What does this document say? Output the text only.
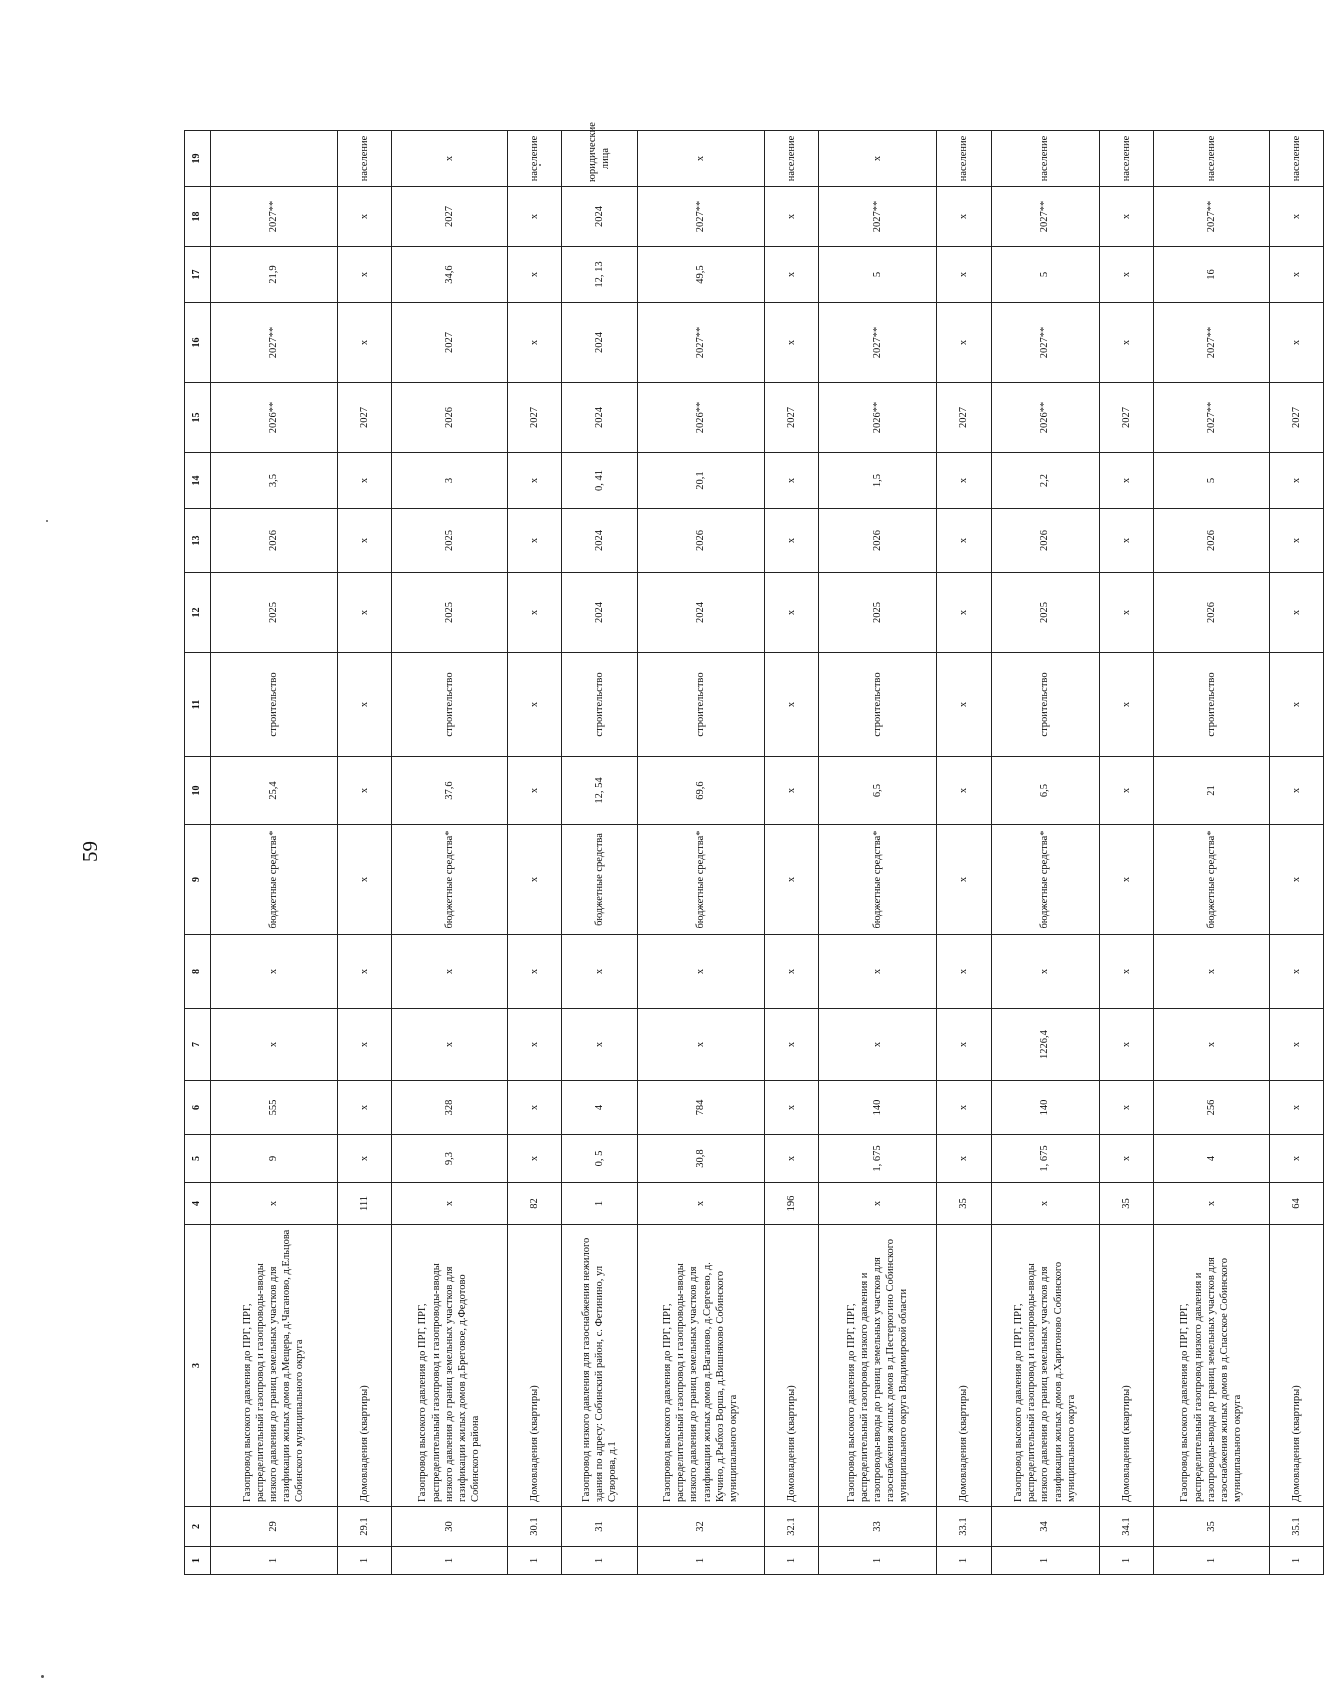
59
1	2	3	4	5	6	7	8	9	10	11	12	13	14	15	16	17	18	19
1	29	Газопровод высокого давления до ПРГ, ПРГ, распределительный газопровод и газопроводы-вводы низкого давления до границ земельных участков для газификации жилых домов д.Мещера, д.Чаганово, д.Ельцова Собинского муниципального округа	х	9	555	х	х	бюджетные средства*	25,4	строительство	2025	2026	3,5	2026**	2027**	21,9	2027**	
1	29.1	Домовладения (квартиры)	111	х	х	х	х	х	х	х	х	х	х	2027	х	х	х	население
1	30	Газопровод высокого давления до ПРГ, ПРГ, распределительный газопровод и газопроводы-вводы низкого давления до границ земельных участков для газификации жилых домов д.Бреговое, д.Федотово Собинского района	х	9,3	328	х	х	бюджетные средства*	37,6	строительство	2025	2025	3	2026	2027	34,6	2027	х
1	30.1	Домовладения (квартиры)	82	х	х	х	х	х	х	х	х	х	х	2027	х	х	х	население
1	31	Газопровод низкого давления для газоснабжения нежилого здания по адресу: Собинский район, с. Фетинино, ул Суворова, д.1	1	0, 5	4	х	х	бюджетные средства	12, 54	строительство	2024	2024	0, 41	2024	2024	12, 13	2024	юридические лица
1	32	Газопровод высокого давления до ПРГ, ПРГ, распределительный газопровод и газопроводы-вводы низкого давления до границ земельных участков для газификации жилых домов д.Ваганово, д.Сергеево, д. Кучино, д.Рыбхоз Ворша, д.Вишняково Собинского муниципального округа	х	30,8	784	х	х	бюджетные средства*	69,6	строительство	2024	2026	20,1	2026**	2027**	49,5	2027**	х
1	32.1	Домовладения (квартиры)	196	х	х	х	х	х	х	х	х	х	х	2027	х	х	х	население
1	33	Газопровод высокого давления до ПРГ, ПРГ, распределительный газопровод низкого давления и газопроводы-вводы до границ земельных участков для газоснабжения жилых домов в д.Пестерюгино Собинского муниципального округа Владимирской области	х	1, 675	140	х	х	бюджетные средства*	6,5	строительство	2025	2026	1,5	2026**	2027**	5	2027**	х
1	33.1	Домовладения (квартиры)	35	х	х	х	х	х	х	х	х	х	х	2027	х	х	х	население
1	34	Газопровод высокого давления до ПРГ, ПРГ, распределительный газопровод и газопроводы-вводы низкого давления до границ земельных участков для газификации жилых домов д.Харитоново Собинского муниципального округа	х	1, 675	140	1226,4	х	бюджетные средства*	6,5	строительство	2025	2026	2,2	2026**	2027**	5	2027**	население
1	34.1	Домовладения (квартиры)	35	х	х	х	х	х	х	х	х	х	х	2027	х	х	х	население
1	35	Газопровод высокого давления до ПРГ, ПРГ, распределительный газопровод низкого давления и газопроводы-вводы до границ земельных участков для газоснабжения жилых домов в д.Спасское Собинского муниципального округа	х	4	256	х	х	бюджетные средства*	21	строительство	2026	2026	5	2027**	2027**	16	2027**	население
1	35.1	Домовладения (квартиры)	64	х	х	х	х	х	х	х	х	х	х	2027	х	х	х	население
